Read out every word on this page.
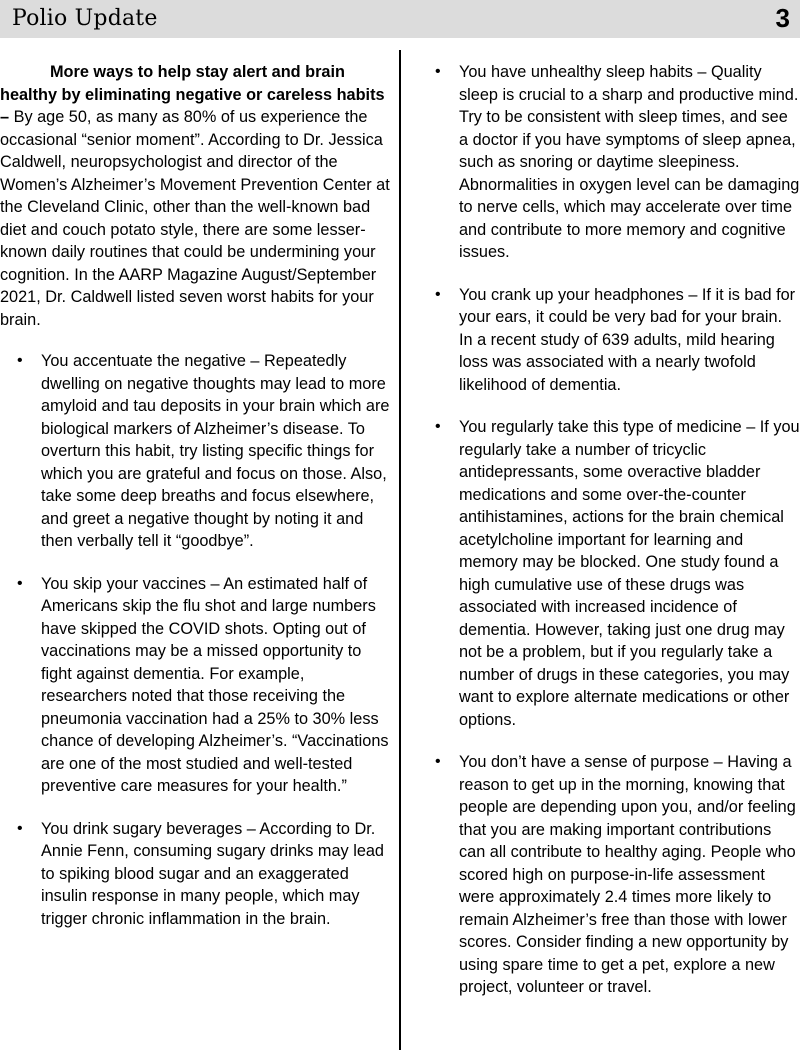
Polio Update	3

More ways to help stay alert and brain healthy by eliminating negative or careless habits – By age 50, as many as 80% of us experience the occasional “senior moment”. According to Dr. Jessica Caldwell, neuropsychologist and director of the Women’s Alzheimer’s Movement Prevention Center at the Cleveland Clinic, other than the well-known bad diet and couch potato style, there are some lesser-known daily routines that could be undermining your cognition. In the AARP Magazine August/September 2021, Dr. Caldwell listed seven worst habits for your brain.

• You accentuate the negative – Repeatedly dwelling on negative thoughts may lead to more amyloid and tau deposits in your brain which are biological markers of Alzheimer’s disease. To overturn this habit, try listing specific things for which you are grateful and focus on those. Also, take some deep breaths and focus elsewhere, and greet a negative thought by noting it and then verbally tell it “goodbye”.
• You skip your vaccines – An estimated half of Americans skip the flu shot and large numbers have skipped the COVID shots. Opting out of vaccinations may be a missed opportunity to fight against dementia. For example, researchers noted that those receiving the pneumonia vaccination had a 25% to 30% less chance of developing Alzheimer’s. “Vaccinations are one of the most studied and well-tested preventive care measures for your health.”
• You drink sugary beverages – According to Dr. Annie Fenn, consuming sugary drinks may lead to spiking blood sugar and an exaggerated insulin response in many people, which may trigger chronic inflammation in the brain.
• You have unhealthy sleep habits – Quality sleep is crucial to a sharp and productive mind. Try to be consistent with sleep times, and see a doctor if you have symptoms of sleep apnea, such as snoring or daytime sleepiness. Abnormalities in oxygen level can be damaging to nerve cells, which may accelerate over time and contribute to more memory and cognitive issues.
• You crank up your headphones – If it is bad for your ears, it could be very bad for your brain. In a recent study of 639 adults, mild hearing loss was associated with a nearly twofold likelihood of dementia.
• You regularly take this type of medicine – If you regularly take a number of tricyclic antidepressants, some overactive bladder medications and some over-the-counter antihistamines, actions for the brain chemical acetylcholine important for learning and memory may be blocked. One study found a high cumulative use of these drugs was associated with increased incidence of dementia. However, taking just one drug may not be a problem, but if you regularly take a number of drugs in these categories, you may want to explore alternate medications or other options.
• You don’t have a sense of purpose – Having a reason to get up in the morning, knowing that people are depending upon you, and/or feeling that you are making important contributions can all contribute to healthy aging. People who scored high on purpose-in-life assessment were approximately 2.4 times more likely to remain Alzheimer’s free than those with lower scores. Consider finding a new opportunity by using spare time to get a pet, explore a new project, volunteer or travel.
